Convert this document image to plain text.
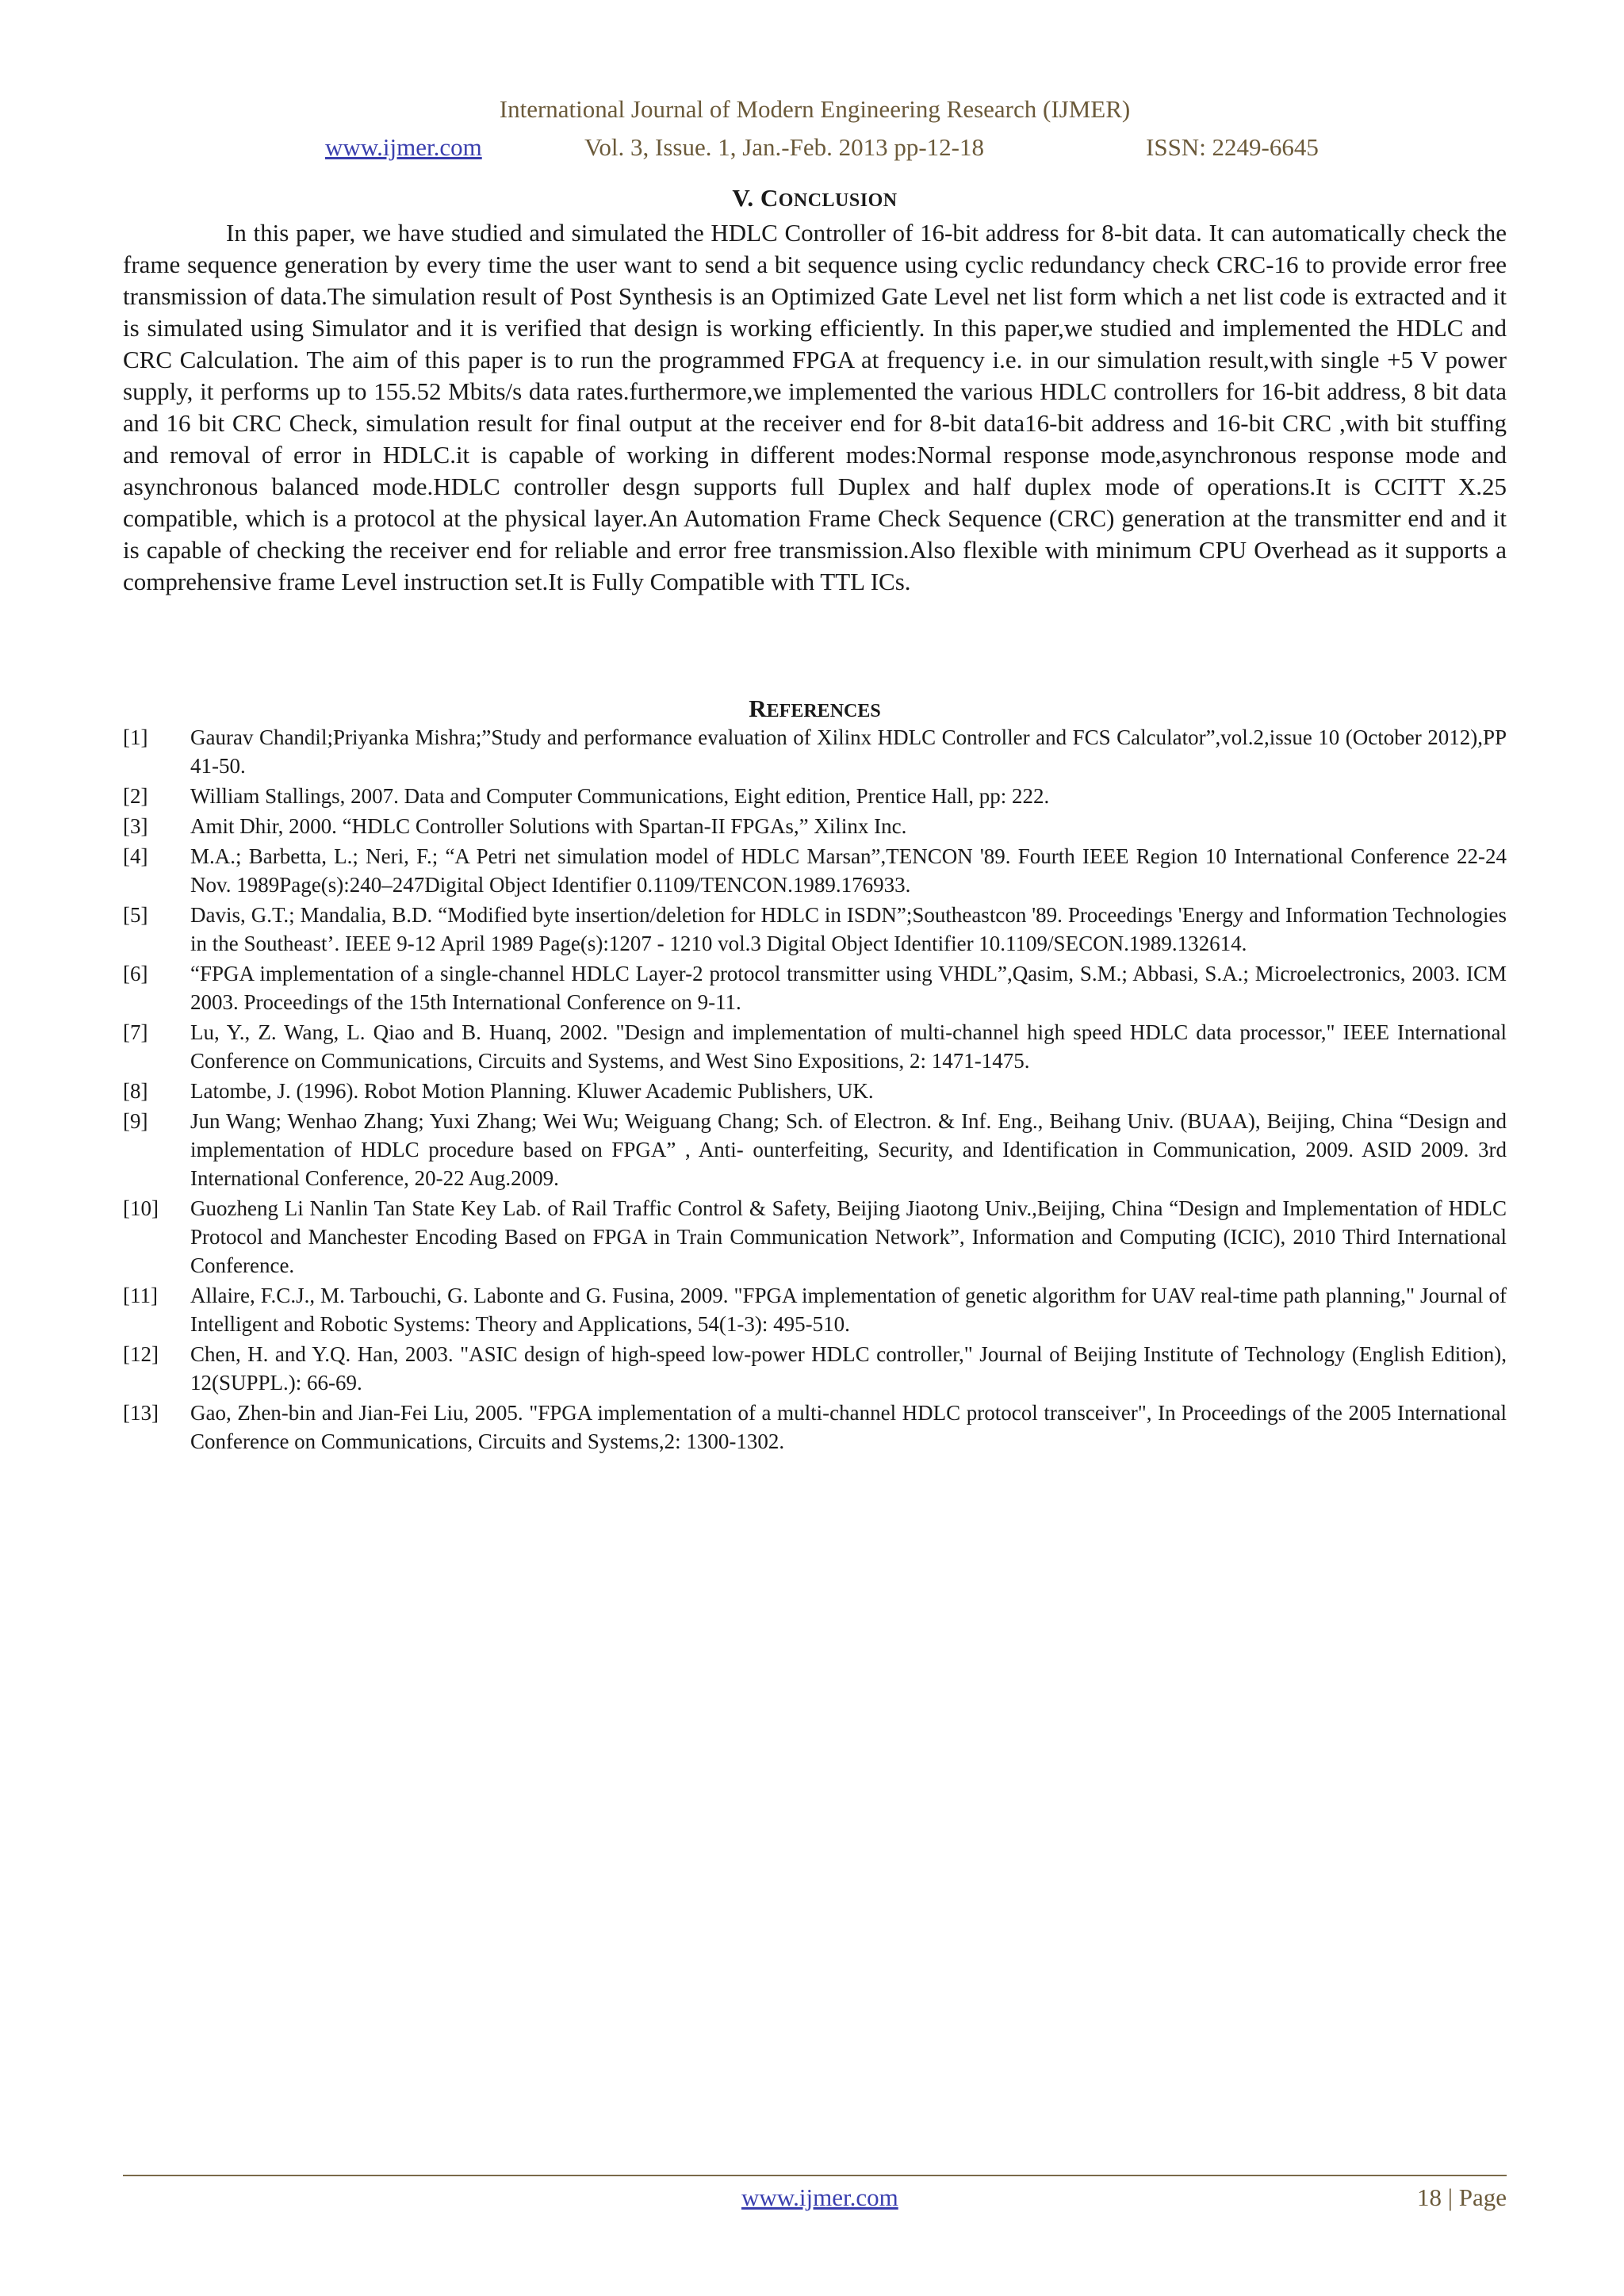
International Journal of Modern Engineering Research (IJMER)
www.ijmer.com	Vol. 3, Issue. 1, Jan.-Feb. 2013 pp-12-18	ISSN: 2249-6645
V. CONCLUSION

In this paper, we have studied and simulated the HDLC Controller of 16-bit address for 8-bit data. It can automatically check the frame sequence generation by every time the user want to send a bit sequence using cyclic redundancy check CRC-16 to provide error free transmission of data.The simulation result of Post Synthesis is an Optimized Gate Level net list form which a net list code is extracted and it is simulated using Simulator and it is verified that design is working efficiently. In this paper,we studied and implemented the HDLC and CRC Calculation. The aim of this paper is to run the programmed FPGA at frequency i.e. in our simulation result,with single +5 V power supply, it performs up to 155.52 Mbits/s data rates.furthermore,we implemented the various HDLC controllers for 16-bit address, 8 bit data and 16 bit CRC Check, simulation result for final output at the receiver end for 8-bit data16-bit address and 16-bit CRC ,with bit stuffing and removal of error in HDLC.it is capable of working in different modes:Normal response mode,asynchronous response mode and asynchronous balanced mode.HDLC controller desgn supports full Duplex and half duplex mode of operations.It is CCITT X.25 compatible, which is a protocol at the physical layer.An Automation Frame Check Sequence (CRC) generation at the transmitter end and it is capable of checking the receiver end for reliable and error free transmission.Also flexible with minimum CPU Overhead as it supports a comprehensive frame Level instruction set.It is Fully Compatible with TTL ICs.

REFERENCES
[1] Gaurav Chandil;Priyanka Mishra;”Study and performance evaluation of Xilinx HDLC Controller and FCS Calculator”,vol.2,issue 10 (October 2012),PP 41-50.
[2] William Stallings, 2007. Data and Computer Communications, Eight edition, Prentice Hall, pp: 222.
[3] Amit Dhir, 2000. “HDLC Controller Solutions with Spartan-II FPGAs,” Xilinx Inc.
[4] M.A.; Barbetta, L.; Neri, F.; “A Petri net simulation model of HDLC Marsan”,TENCON '89. Fourth IEEE Region 10 International Conference 22-24 Nov. 1989Page(s):240–247Digital Object Identifier 0.1109/TENCON.1989.176933.
[5] Davis, G.T.; Mandalia, B.D. “Modified byte insertion/deletion for HDLC in ISDN”;Southeastcon '89. Proceedings 'Energy and Information Technologies in the Southeast’. IEEE 9-12 April 1989 Page(s):1207 - 1210 vol.3 Digital Object Identifier 10.1109/SECON.1989.132614.
[6] “FPGA implementation of a single-channel HDLC Layer-2 protocol transmitter using VHDL”,Qasim, S.M.; Abbasi, S.A.; Microelectronics, 2003. ICM 2003. Proceedings of the 15th International Conference on 9-11.
[7] Lu, Y., Z. Wang, L. Qiao and B. Huanq, 2002. "Design and implementation of multi-channel high speed HDLC data processor," IEEE International Conference on Communications, Circuits and Systems, and West Sino Expositions, 2: 1471-1475.
[8] Latombe, J. (1996). Robot Motion Planning. Kluwer Academic Publishers, UK.
[9] Jun Wang; Wenhao Zhang; Yuxi Zhang; Wei Wu; Weiguang Chang; Sch. of Electron. & Inf. Eng., Beihang Univ. (BUAA), Beijing, China “Design and implementation of HDLC procedure based on FPGA” , Anti- ounterfeiting, Security, and Identification in Communication, 2009. ASID 2009. 3rd International Conference, 20-22 Aug.2009.
[10] Guozheng Li Nanlin Tan State Key Lab. of Rail Traffic Control & Safety, Beijing Jiaotong Univ.,Beijing, China “Design and Implementation of HDLC Protocol and Manchester Encoding Based on FPGA in Train Communication Network”, Information and Computing (ICIC), 2010 Third International Conference.
[11] Allaire, F.C.J., M. Tarbouchi, G. Labonte and G. Fusina, 2009. "FPGA implementation of genetic algorithm for UAV real-time path planning," Journal of Intelligent and Robotic Systems: Theory and Applications, 54(1-3): 495-510.
[12] Chen, H. and Y.Q. Han, 2003. "ASIC design of high-speed low-power HDLC controller," Journal of Beijing Institute of Technology (English Edition), 12(SUPPL.): 66-69.
[13] Gao, Zhen-bin and Jian-Fei Liu, 2005. "FPGA implementation of a multi-channel HDLC protocol transceiver", In Proceedings of the 2005 International Conference on Communications, Circuits and Systems,2: 1300-1302.
www.ijmer.com	18 | Page
